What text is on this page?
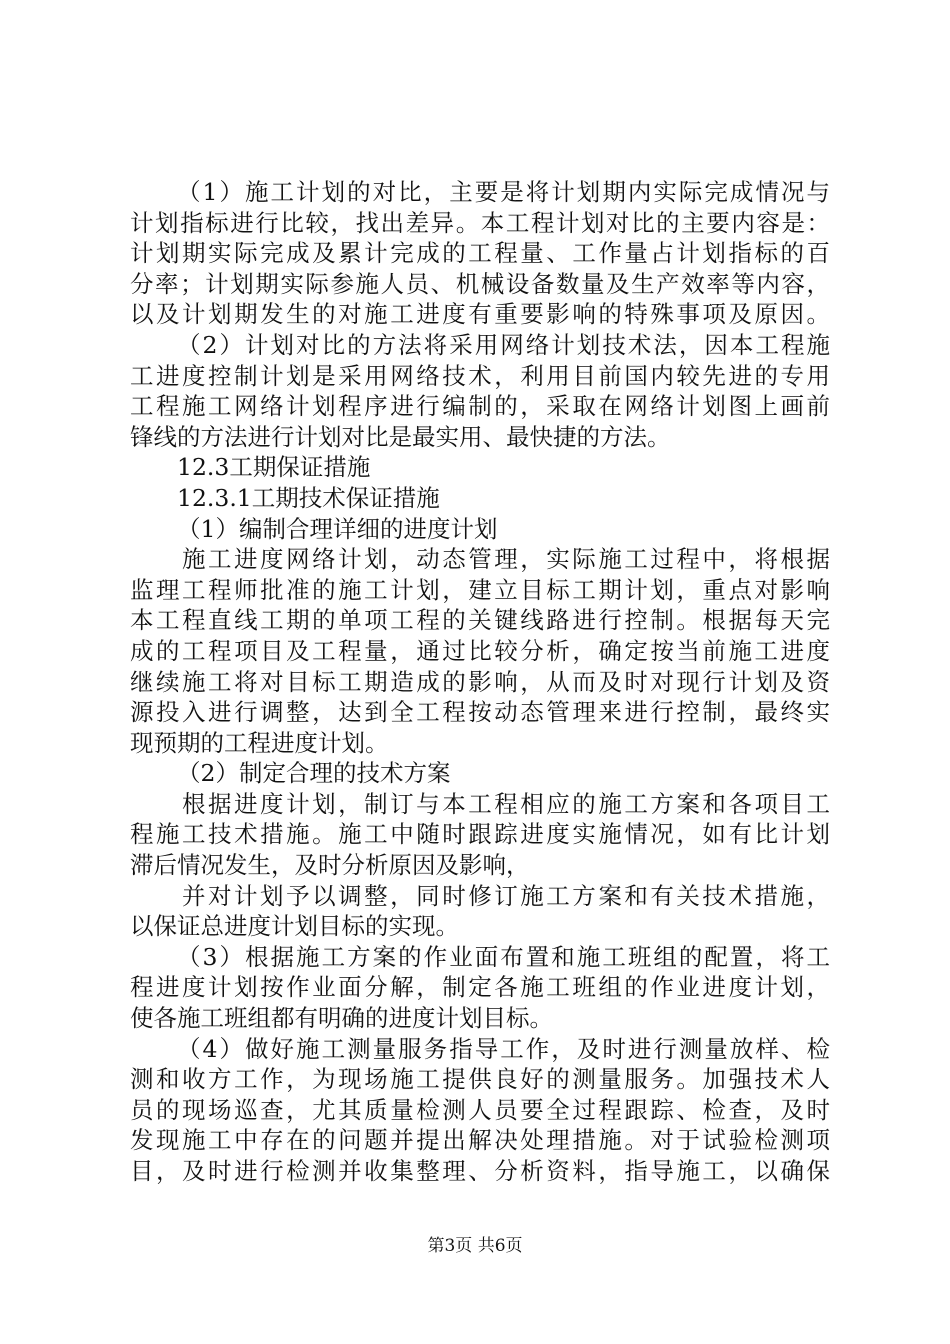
（1）施工计划的对比，主要是将计划期内实际完成情况与
计划指标进行比较，找出差异。本工程计划对比的主要内容是：
计划期实际完成及累计完成的工程量、工作量占计划指标的百
分率；计划期实际参施人员、机械设备数量及生产效率等内容，
以及计划期发生的对施工进度有重要影响的特殊事项及原因。
（2）计划对比的方法将采用网络计划技术法，因本工程施
工进度控制计划是采用网络技术，利用目前国内较先进的专用
工程施工网络计划程序进行编制的，采取在网络计划图上画前
锋线的方法进行计划对比是最实用、最快捷的方法。
12.3工期保证措施
12.3.1工期技术保证措施
（1）编制合理详细的进度计划
施工进度网络计划，动态管理，实际施工过程中，将根据
监理工程师批准的施工计划，建立目标工期计划，重点对影响
本工程直线工期的单项工程的关键线路进行控制。根据每天完
成的工程项目及工程量，通过比较分析，确定按当前施工进度
继续施工将对目标工期造成的影响，从而及时对现行计划及资
源投入进行调整，达到全工程按动态管理来进行控制，最终实
现预期的工程进度计划。
（2）制定合理的技术方案
根据进度计划，制订与本工程相应的施工方案和各项目工
程施工技术措施。施工中随时跟踪进度实施情况，如有比计划
滞后情况发生，及时分析原因及影响，
并对计划予以调整，同时修订施工方案和有关技术措施，
以保证总进度计划目标的实现。
（3）根据施工方案的作业面布置和施工班组的配置，将工
程进度计划按作业面分解，制定各施工班组的作业进度计划，
使各施工班组都有明确的进度计划目标。
（4）做好施工测量服务指导工作，及时进行测量放样、检
测和收方工作，为现场施工提供良好的测量服务。加强技术人
员的现场巡查，尤其质量检测人员要全过程跟踪、检查，及时
发现施工中存在的问题并提出解决处理措施。对于试验检测项
目，及时进行检测并收集整理、分析资料，指导施工，以确保
第3页 共6页
